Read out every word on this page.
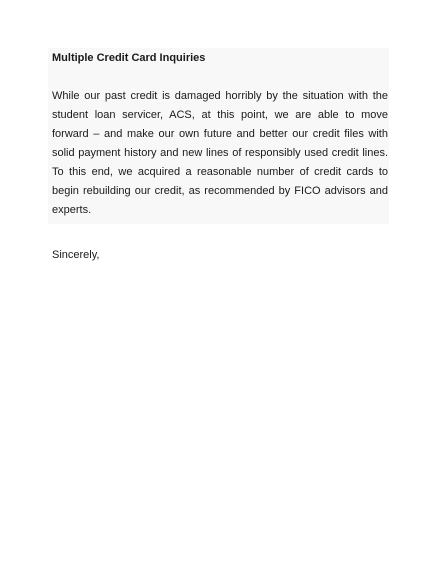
Multiple Credit Card Inquiries

While our past credit is damaged horribly by the situation with the
student loan servicer, ACS, at this point, we are able to move
forward – and make our own future and better our credit files with
solid payment history and new lines of responsibly used credit lines.
To this end, we acquired a reasonable number of credit cards to
begin rebuilding our credit, as recommended by FICO advisors and
experts.

Sincerely,
